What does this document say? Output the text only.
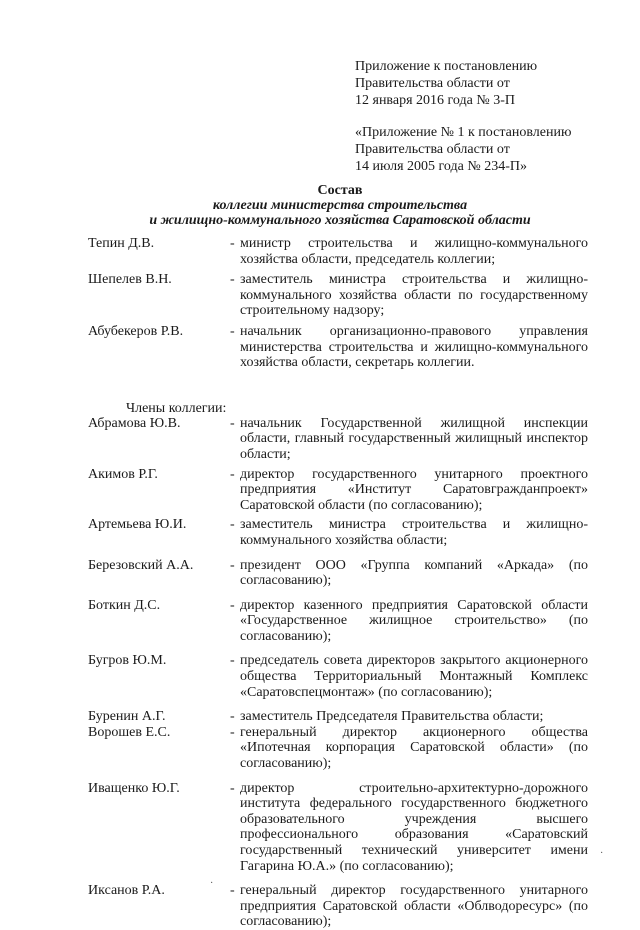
Приложение к постановлению
Правительства области от
12 января 2016 года № 3-П
«Приложение № 1 к постановлению
Правительства области от
14 июля 2005 года № 234-П»
Состав
коллегии министерства строительства
и жилищно-коммунального хозяйства Саратовской области
Тепин Д.В.	- министр строительства и жилищно-коммунального хозяйства области, председатель коллегии;
Шепелев В.Н.	- заместитель министра строительства и жилищно-коммунального хозяйства области по государственному строительному надзору;
Абубекеров Р.В.	- начальник организационно-правового управления министерства строительства и жилищно-коммунального хозяйства области, секретарь коллегии.
Члены коллегии:
Абрамова Ю.В.	- начальник Государственной жилищной инспекции области, главный государственный жилищный инспектор области;
Акимов Р.Г.	- директор государственного унитарного проектного предприятия «Институт Саратовгражданпроект» Саратовской области (по согласованию);
Артемьева Ю.И.	- заместитель министра строительства и жилищно-коммунального хозяйства области;
Березовский А.А.	- президент ООО «Группа компаний «Аркада» (по согласованию);
Боткин Д.С.	- директор казенного предприятия Саратовской области «Государственное жилищное строительство» (по согласованию);
Бугров Ю.М.	- председатель совета директоров закрытого акционерного общества Территориальный Монтажный Комплекс «Саратовспецмонтаж» (по согласованию);
Буренин А.Г.	- заместитель Председателя Правительства области;
Ворошев Е.С.	- генеральный директор акционерного общества «Ипотечная корпорация Саратовской области» (по согласованию);
Иващенко Ю.Г.	- директор строительно-архитектурно-дорожного института федерального государственного бюджетного образовательного учреждения высшего профессионального образования «Саратовский государственный технический университет имени Гагарина Ю.А.» (по согласованию);
Иксанов Р.А.	- генеральный директор государственного унитарного предприятия Саратовской области «Облводоресурс» (по согласованию);
·
·
